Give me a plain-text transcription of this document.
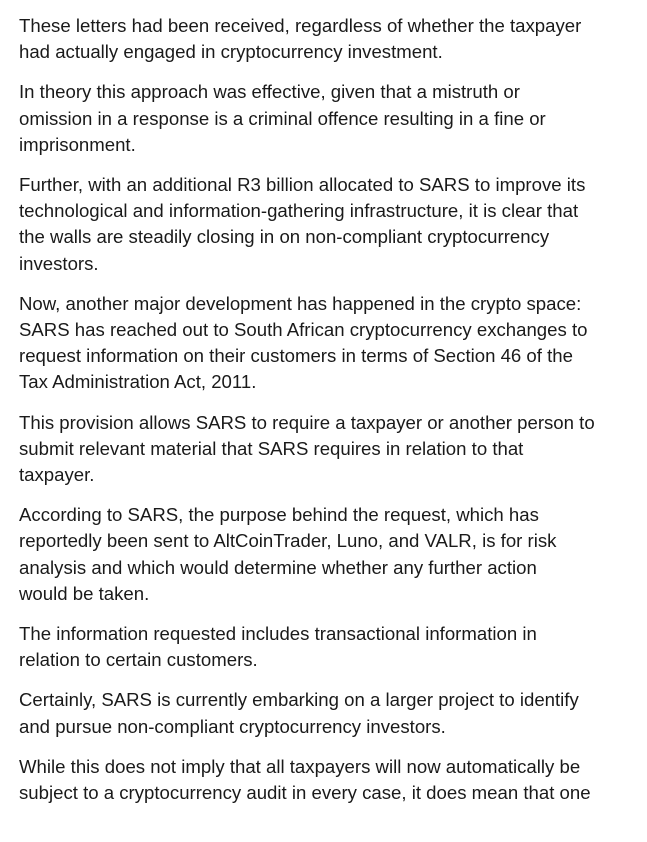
These letters had been received, regardless of whether the taxpayer
had actually engaged in cryptocurrency investment.

In theory this approach was effective, given that a mistruth or
omission in a response is a criminal offence resulting in a fine or
imprisonment.

Further, with an additional R3 billion allocated to SARS to improve its
technological and information-gathering infrastructure, it is clear that
the walls are steadily closing in on non-compliant cryptocurrency
investors.

Now, another major development has happened in the crypto space:
SARS has reached out to South African cryptocurrency exchanges to
request information on their customers in terms of Section 46 of the
Tax Administration Act, 2011.

This provision allows SARS to require a taxpayer or another person to
submit relevant material that SARS requires in relation to that
taxpayer.

According to SARS, the purpose behind the request, which has
reportedly been sent to AltCoinTrader, Luno, and VALR, is for risk
analysis and which would determine whether any further action
would be taken.

The information requested includes transactional information in
relation to certain customers.

Certainly, SARS is currently embarking on a larger project to identify
and pursue non-compliant cryptocurrency investors.

While this does not imply that all taxpayers will now automatically be
subject to a cryptocurrency audit in every case, it does mean that one
